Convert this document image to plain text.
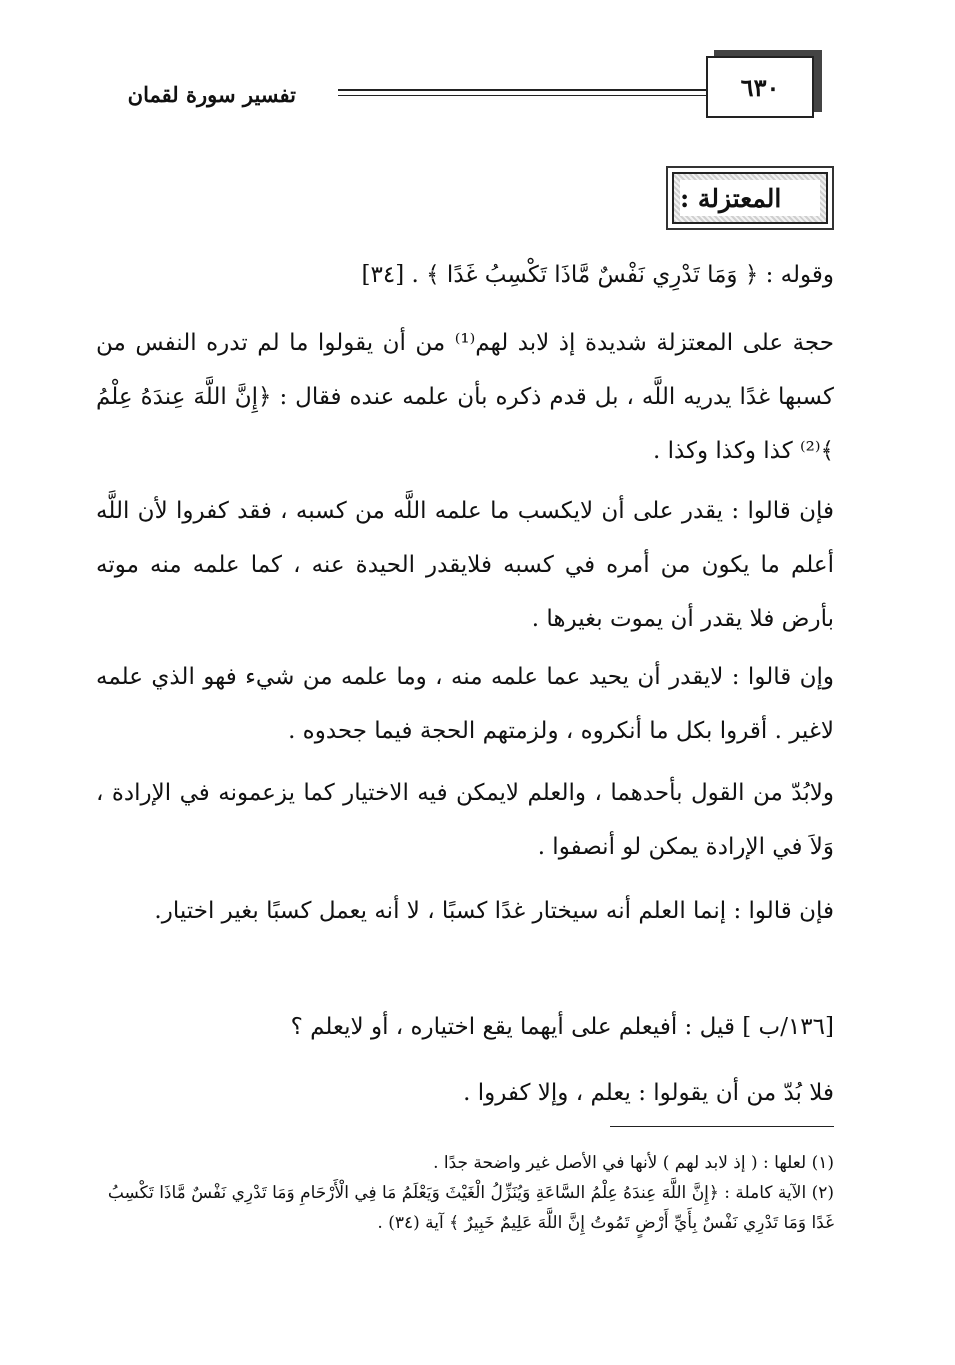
تفسير سورة لقمان	٦٣٠
المعتزلة :

وقوله : ﴿ وَمَا تَدْرِي نَفْسٌ مَّاذَا تَكْسِبُ غَدًا ﴾ . [٣٤]

حجة على المعتزلة شديدة إذ لابد لهم⁽¹⁾ من أن يقولوا ما لم تدره النفس من كسبها غدًا يدريه اللَّه ، بل قدم ذكره بأن علمه عنده فقال : ﴿إِنَّ اللَّهَ عِندَهُ عِلْمُ ﴾⁽²⁾ كذا وكذا وكذا .

فإن قالوا : يقدر على أن لايكسب ما علمه اللَّه من كسبه ، فقد كفروا لأن اللَّه أعلم ما يكون من أمره في كسبه فلايقدر الحيدة عنه ، كما علمه منه موته بأرض فلا يقدر أن يموت بغيرها .

وإن قالوا : لايقدر أن يحيد عما علمه منه ، وما علمه من شيء فهو الذي علمه لاغير . أقروا بكل ما أنكروه ، ولزمتهم الحجة فيما جحدوه .

ولابُدّ من القول بأحدهما ، والعلم لايمكن فيه الاختيار كما يزعمونه في الإرادة ، وَلاَ في الإرادة يمكن لو أنصفوا .

فإن قالوا : إنما العلم أنه سيختار غدًا كسبًا ، لا أنه يعمل كسبًا بغير اختيار.

[١٣٦/ب ] قيل : أفيعلم على أيهما يقع اختياره ، أو لايعلم ؟

فلا بُدّ من أن يقولوا : يعلم ، وإلا كفروا .

(١) لعلها : ( إذ لابد لهم ) لأنها في الأصل غير واضحة جدًا .

(٢) الآية كاملة : ﴿إِنَّ اللَّهَ عِندَهُ عِلْمُ السَّاعَةِ وَيُنَزِّلُ الْغَيْثَ وَيَعْلَمُ مَا فِي الْأَرْحَامِ وَمَا تَدْرِي نَفْسٌ مَّاذَا تَكْسِبُ غَدًا وَمَا تَدْرِي نَفْسٌ بِأَيِّ أَرْضٍ تَمُوتُ إِنَّ اللَّهَ عَلِيمٌ خَبِيرٌ ﴾ آية (٣٤) .
